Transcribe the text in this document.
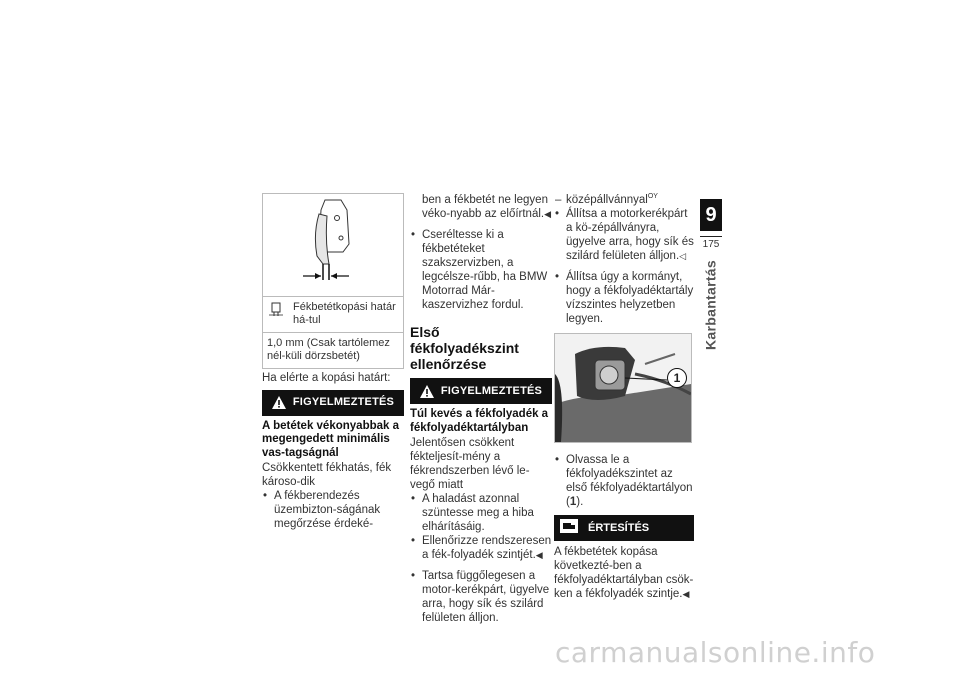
Fékbetétkopási határ há-tul
1,0 mm (Csak tartólemez nél-küli dörzsbetét)

Ha elérte a kopási határt:

FIGYELMEZTETÉS

A betétek vékonyabbak a megengedett minimális vas-tagságnál

Csökkentett fékhatás, fék károso-dik

• A fékberendezés üzembizton-ságának megőrzése érdeké-

ben a fékbetét ne legyen véko-nyabb az előírtnál.◀

• Cseréltesse ki a fékbetéteket szakszervizben, a legcélsze-rűbb, ha BMW Motorrad Már-kaszervizhez fordul.
Első fékfolyadékszint ellenőrzése
FIGYELMEZTETÉS

Túl kevés a fékfolyadék a fékfolyadéktartályban

Jelentősen csökkent fékteljesít-mény a fékrendszerben lévő le-vegő miatt

• A haladást azonnal szüntesse meg a hiba elhárításáig.
• Ellenőrizze rendszeresen a fék-folyadék szintjét.◀
• Tartsa függőlegesen a motor-kerékpárt, ügyelve arra, hogy sík és szilárd felületen álljon.
– középállvánnyal$^{OY}$
• Állítsa a motorkerékpárt a kö-zépállványra, ügyelve arra, hogy sík és szilárd felületen álljon.◁
• Állítsa úgy a kormányt, hogy a fékfolyadéktartály vízszintes helyzetben legyen.
1
• Olvassa le a fékfolyadékszintet az első fékfolyadéktartályon (1).
ÉRTESÍTÉS

A fékbetétek kopása következté-ben a fékfolyadéktartályban csök-ken a fékfolyadék szintje.◀

9
175
Karbantartás
carmanualsonline.info
